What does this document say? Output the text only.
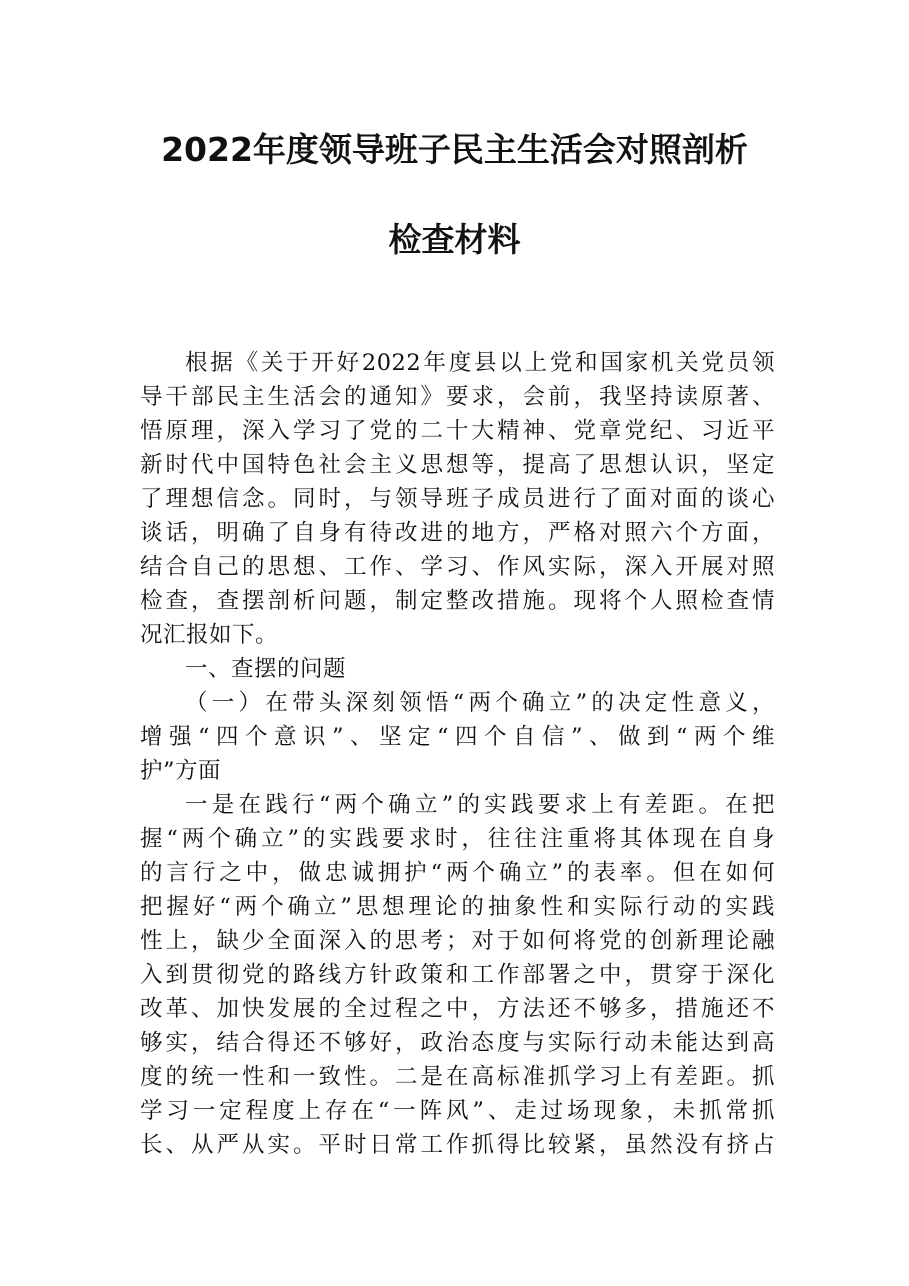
2022年度领导班子民主生活会对照剖析
检查材料
根据《关于开好2022年度县以上党和国家机关党员领
导干部民主生活会的通知》要求，会前，我坚持读原著、
悟原理，深入学习了党的二十大精神、党章党纪、习近平
新时代中国特色社会主义思想等，提高了思想认识，坚定
了理想信念。同时，与领导班子成员进行了面对面的谈心
谈话，明确了自身有待改进的地方，严格对照六个方面，
结合自己的思想、工作、学习、作风实际，深入开展对照
检查，查摆剖析问题，制定整改措施。现将个人照检查情
况汇报如下。
一、查摆的问题
（一）在带头深刻领悟“两个确立”的决定性意义，
增强“四个意识”、坚定“四个自信”、做到“两个维
护”方面
一是在践行“两个确立”的实践要求上有差距。在把
握“两个确立”的实践要求时，往往注重将其体现在自身
的言行之中，做忠诚拥护“两个确立”的表率。但在如何
把握好“两个确立”思想理论的抽象性和实际行动的实践
性上，缺少全面深入的思考；对于如何将党的创新理论融
入到贯彻党的路线方针政策和工作部署之中，贯穿于深化
改革、加快发展的全过程之中，方法还不够多，措施还不
够实，结合得还不够好，政治态度与实际行动未能达到高
度的统一性和一致性。二是在高标准抓学习上有差距。抓
学习一定程度上存在“一阵风”、走过场现象，未抓常抓
长、从严从实。平时日常工作抓得比较紧，虽然没有挤占
